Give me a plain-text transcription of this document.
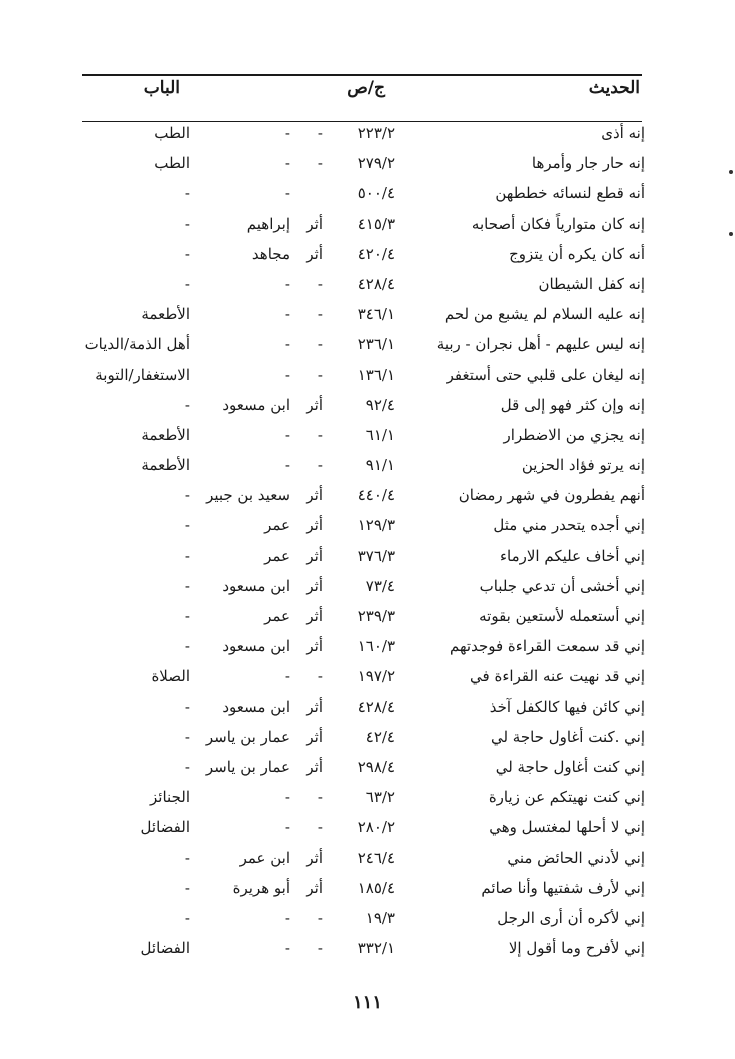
الحديث
ج/ص
الباب
إنه أذى
٢٢٣/٢
-
-
الطب
إنه حار جار وأمرها
٢٧٩/٢
-
-
الطب
أنه قطع لنسائه خططهن
٥٠٠/٤
-
-
إنه كان متوارياً فكان أصحابه
٤١٥/٣
أثر
إبراهيم
-
أنه كان يكره أن يتزوج
٤٢٠/٤
أثر
مجاهد
-
إنه كفل الشيطان
٤٢٨/٤
-
-
-
إنه عليه السلام لم يشبع من لحم
٣٤٦/١
-
-
الأطعمة
إنه ليس عليهم - أهل نجران - ربية
٢٣٦/١
-
-
أهل الذمة/الديات
إنه ليغان على قلبي حتى أستغفر
١٣٦/١
-
-
الاستغفار/التوبة
إنه وإن كثر فهو إلى قل
٩٢/٤
أثر
ابن مسعود
-
إنه يجزي من الاضطرار
٦١/١
-
-
الأطعمة
إنه يرتو فؤاد الحزين
٩١/١
-
-
الأطعمة
أنهم يفطرون في شهر رمضان
٤٤٠/٤
أثر
سعيد بن جبير
-
إني أجده يتحدر مني مثل
١٢٩/٣
أثر
عمر
-
إني أخاف عليكم الارماء
٣٧٦/٣
أثر
عمر
-
إني أخشى أن تدعي جلباب
٧٣/٤
أثر
ابن مسعود
-
إني أستعمله لأستعين بقوته
٢٣٩/٣
أثر
عمر
-
إني قد سمعت القراءة فوجدتهم
١٦٠/٣
أثر
ابن مسعود
-
إني قد نهيت عنه القراءة في
١٩٧/٢
-
-
الصلاة
إني كائن فيها كالكفل آخذ
٤٢٨/٤
أثر
ابن مسعود
-
إني .كنت أغاول حاجة لي
٤٢/٤
أثر
عمار بن ياسر
-
إني كنت أغاول حاجة لي
٢٩٨/٤
أثر
عمار بن ياسر
-
إني كنت نهيتكم عن زيارة
٦٣/٢
-
-
الجنائز
إني لا أحلها لمغتسل وهي
٢٨٠/٢
-
-
الفضائل
إني لأدني الحائض مني
٢٤٦/٤
أثر
ابن عمر
-
إني لأرف شفتيها وأنا صائم
١٨٥/٤
أثر
أبو هريرة
-
إني لأكره أن أرى الرجل
١٩/٣
-
-
-
إني لأفرح وما أقول إلا
٣٣٢/١
-
-
الفضائل
١١١
